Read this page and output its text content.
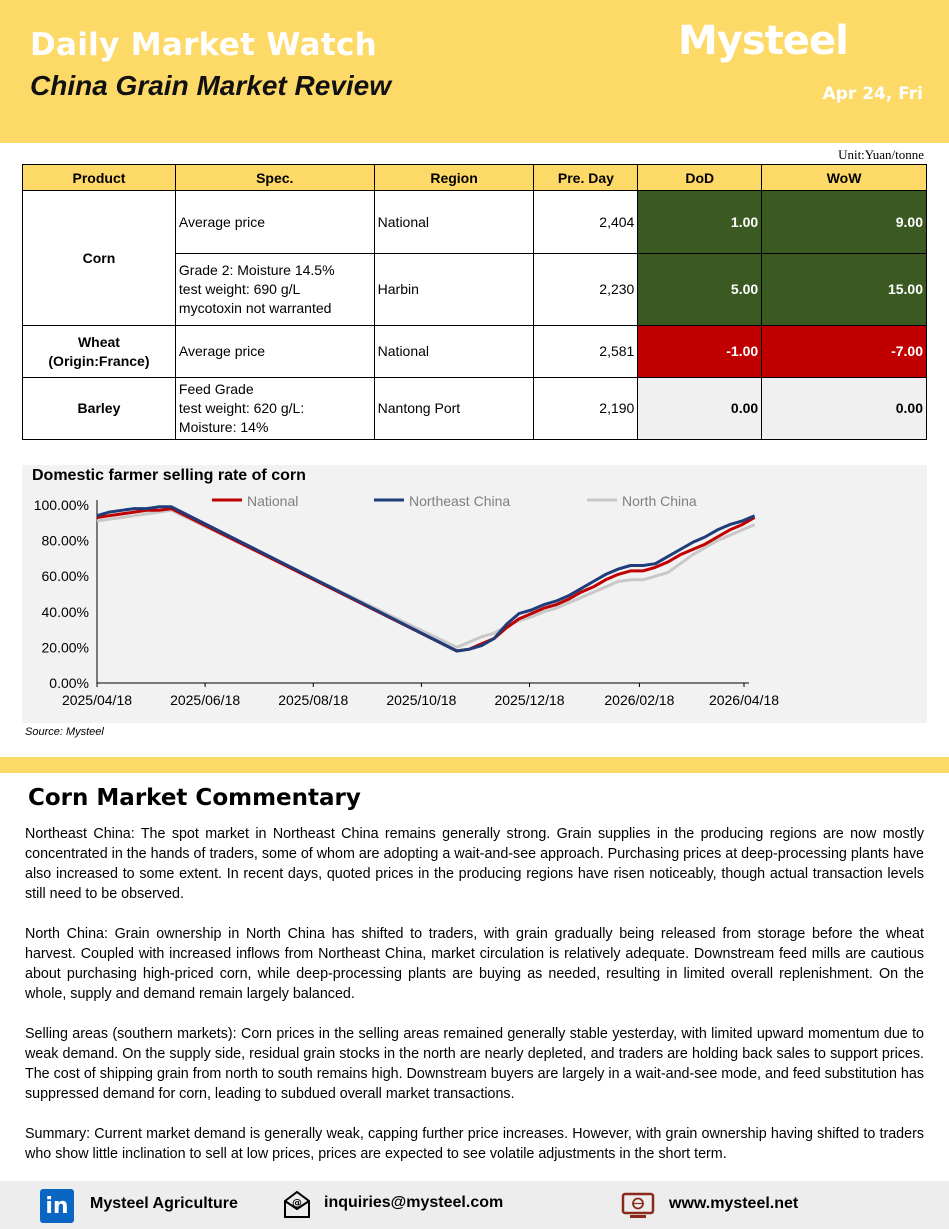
Daily Market Watch
China Grain Market Review
Mysteel
Apr 24, Fri
Unit:Yuan/tonne
Product	Spec.	Region	Pre. Day	DoD	WoW
Corn	Average price	National	2,404	1.00	9.00

	Grade 2: Moisture 14.5%
test weight: 690 g/L
mycotoxin not warranted	Harbin	2,230	5.00	15.00

Wheat
(Origin:France)	Average price	National	2,581	-1.00	-7.00
Barley	Feed Grade
test weight: 620 g/L:
Moisture: 14%	Nantong Port	2,190	0.00	0.00
Domestic farmer selling rate of corn
0.00%
20.00%
40.00%
60.00%
80.00%
100.00%
2025/04/18	2025/06/18	2025/08/18	2025/10/18	2025/12/18	2026/02/18 2026/04/18
National	Northeast China	North China
Source: Mysteel
Corn Market Commentary

Northeast China: The spot market in Northeast China remains generally strong. Grain supplies in the producing regions are now mostly concentrated in the hands of traders, some of whom are adopting a wait-and-see approach. Purchasing prices at deep-processing plants have also increased to some extent. In recent days, quoted prices in the producing regions have risen noticeably, though actual transaction levels still need to be observed.

North China: Grain ownership in North China has shifted to traders, with grain gradually being released from storage before the wheat harvest. Coupled with increased inflows from Northeast China, market circulation is relatively adequate. Downstream feed mills are cautious about purchasing high-priced corn, while deep-processing plants are buying as needed, resulting in limited overall replenishment. On the whole, supply and demand remain largely balanced.

Selling areas (southern markets): Corn prices in the selling areas remained generally stable yesterday, with limited upward momentum due to weak demand. On the supply side, residual grain stocks in the north are nearly depleted, and traders are holding back sales to support prices. The cost of shipping grain from north to south remains high. Downstream buyers are largely in a wait-and-see mode, and feed substitution has suppressed demand for corn, leading to subdued overall market transactions.

Summary: Current market demand is generally weak, capping further price increases. However, with grain ownership having shifted to traders who show little inclination to sell at low prices, prices are expected to see volatile adjustments in the short term.

in	Mysteel Agriculture	@ inquiries@mysteel.com	www.mysteel.net
